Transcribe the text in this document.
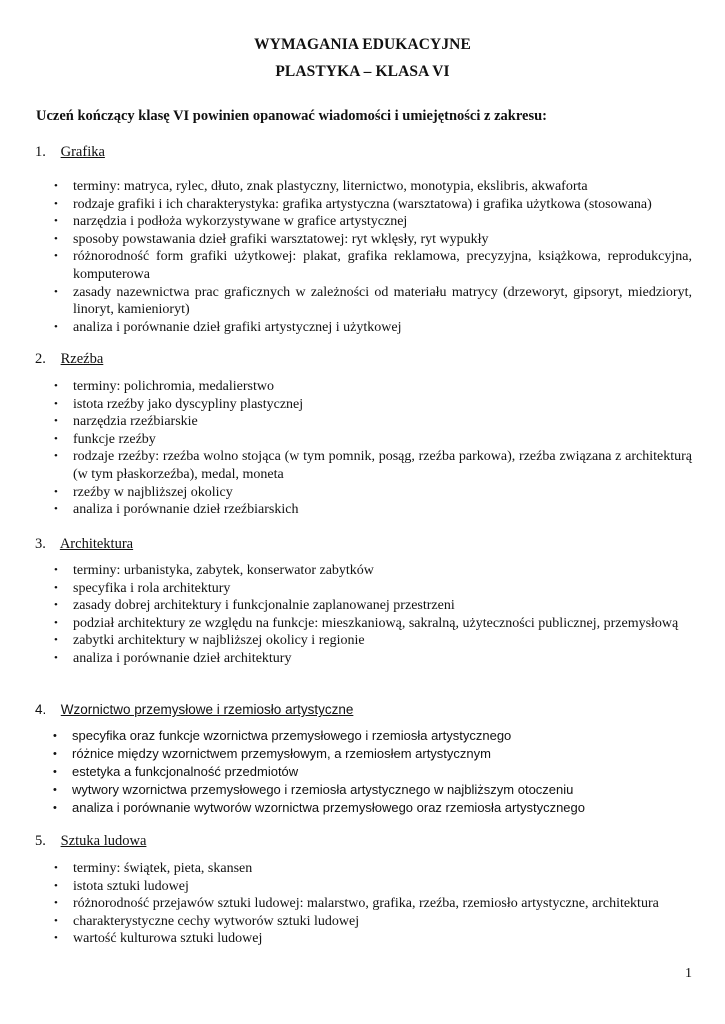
WYMAGANIA EDUKACYJNE
PLASTYKA – KLASA VI
Uczeń kończący klasę VI powinien opanować wiadomości i umiejętności z zakresu:
1. Grafika
• terminy: matryca, rylec, dłuto, znak plastyczny, liternictwo, monotypia, ekslibris, akwaforta
• rodzaje grafiki i ich charakterystyka: grafika artystyczna (warsztatowa) i grafika użytkowa (stosowana)
• narzędzia i podłoża wykorzystywane w grafice artystycznej
• sposoby powstawania dzieł grafiki warsztatowej: ryt wklęsły, ryt wypukły
• różnorodność form grafiki użytkowej: plakat, grafika reklamowa, precyzyjna, książkowa, reprodukcyjna, komputerowa
• zasady nazewnictwa prac graficznych w zależności od materiału matrycy (drzeworyt, gipsoryt, miedzioryt, linoryt, kamienioryt)
• analiza i porównanie dzieł grafiki artystycznej i użytkowej
2. Rzeźba
• terminy: polichromia, medalierstwo
• istota rzeźby jako dyscypliny plastycznej
• narzędzia rzeźbiarskie
• funkcje rzeźby
• rodzaje rzeźby: rzeźba wolno stojąca (w tym pomnik, posąg, rzeźba parkowa), rzeźba związana z architekturą (w tym płaskorzeźba), medal, moneta
• rzeźby w najbliższej okolicy
• analiza i porównanie dzieł rzeźbiarskich
3. Architektura
• terminy: urbanistyka, zabytek, konserwator zabytków
• specyfika i rola architektury
• zasady dobrej architektury i funkcjonalnie zaplanowanej przestrzeni
• podział architektury ze względu na funkcje: mieszkaniową, sakralną, użyteczności publicznej, przemysłową
• zabytki architektury w najbliższej okolicy i regionie
• analiza i porównanie dzieł architektury
4. Wzornictwo przemysłowe i rzemiosło artystyczne
• specyfika oraz funkcje wzornictwa przemysłowego i rzemiosła artystycznego
• różnice między wzornictwem przemysłowym, a rzemiosłem artystycznym
• estetyka a funkcjonalność przedmiotów
• wytwory wzornictwa przemysłowego i rzemiosła artystycznego w najbliższym otoczeniu
• analiza i porównanie wytworów wzornictwa przemysłowego oraz rzemiosła artystycznego
5. Sztuka ludowa
• terminy: świątek, pieta, skansen
• istota sztuki ludowej
• różnorodność przejawów sztuki ludowej: malarstwo, grafika, rzeźba, rzemiosło artystyczne, architektura
• charakterystyczne cechy wytworów sztuki ludowej
• wartość kulturowa sztuki ludowej
1
